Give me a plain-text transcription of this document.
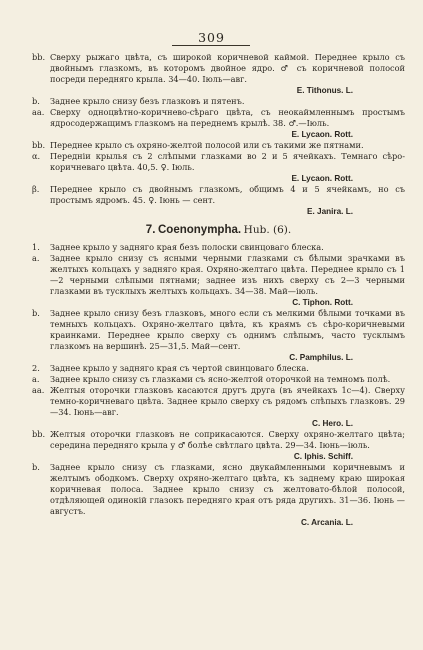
309
bb. Сверху рыжаго цвѣта, съ широкой коричневой каймой. Переднее крыло съ двойнымъ глазкомъ, въ которомъ двойное ядро. ♂ съ коричневой полосой посреди передняго крыла. 34—40. Іюль—авг.
E. Tithonus. L.
b.	Заднее крыло снизу безъ глазковъ и пятенъ.
aa. Сверху одноцвѣтно-коричнево-сѣраго цвѣта, съ неокаймленнымъ простымъ ядросодержащимъ глазкомъ на переднемъ крылѣ. 38. ♂.—Іюль.
E. Lycaon. Rott.
bb. Переднее крыло съ охряно-желтой полосой или съ такими же пятнами.
α.	Передніи крылья съ 2 слѣпыми глазками во 2 и 5 ячейкахъ. Темнаго сѣро-коричневаго цвѣта. 40,5. ♀. Іюль.
E. Lycaon. Rott.
β.	Переднее крыло съ двойнымъ глазкомъ, общимъ 4 и 5 ячейкамъ, но съ простымъ ядромъ. 45. ♀. Іюнь — сент.
E. Janira. L.
7. Coenonympha. Hub. (6).
1.	Заднее крыло у задняго края безъ полоски свинцоваго блеска.
a.	Заднее крыло снизу съ ясными черными глазками съ бѣлыми зрачками въ желтыхъ кольцахъ у задняго края. Охряно-желтаго цвѣта. Переднее крыло съ 1—2 черными слѣпыми пятнами; заднее изъ нихъ сверху съ 2—3 черными глазками въ тусклыхъ желтыхъ кольцахъ. 34—38. Май—іюль.
C. Tiphon. Rott.
b.	Заднее крыло снизу безъ глазковъ, много если съ мелкими бѣлыми точками въ темныхъ кольцахъ. Охряно-желтаго цвѣта, къ краямъ съ сѣро-коричневыми краинками. Переднее крыло сверху съ однимъ слѣпымъ, часто тусклымъ глазкомъ на вершинѣ. 25—31,5. Май—сент.
C. Pamphilus. L.
2.	Заднее крыло у задняго края съ чертой свинцоваго блеска.
a.	Заднее крыло снизу съ глазками съ ясно-желтой оторочкой на темномъ полѣ.
aa. Желтыя оторочки глазковъ касаются другъ друга (въ ячейкахъ 1с—4). Сверху темно-коричневаго цвѣта. Заднее крыло сверху съ рядомъ слѣпыхъ глазковъ. 29—34. Іюнь—авг.
C. Hero. L.
bb. Желтыя оторочки глазковъ не соприкасаются. Сверху охряно-желтаго цвѣта; середина передняго крыла у ♂ болѣе свѣтлаго цвѣта. 29—34. Іюнь—іюль.
C. Iphis. Schiff.
b.	Заднее крыло снизу съ глазками, ясно двукаймленными коричневымъ и желтымъ ободкомъ. Сверху охряно-желтаго цвѣта, къ заднему краю широкая коричневая полоса. Заднее крыло снизу съ желтовато-бѣлой полосой, отдѣляющей одинокій глазокъ передняго края отъ ряда другихъ. 31—36. Іюнь — августъ.
C. Arcania. L.
